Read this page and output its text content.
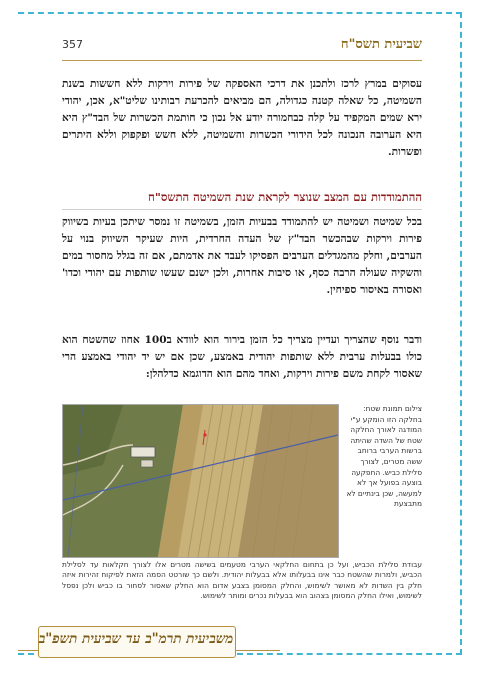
357	שביעית תשס"ח
עסוקים במרץ לרכז ולתכנן את דרכי האספקה של פירות וירקות ללא חששות בשנת השמיטה, כל שאלה קטנה כגדולה, הם מביאים להכרעת רבותינו שליט"א, אכן, יהודי ירא שמים המקפיד על קלה כבחמורה יודע אל נכון כי חותמת הכשרות של הבד"ץ היא היא הערובה הנכונה לכל הידורי הכשרות והשמיטה, ללא חשש ופקפוק וללא היתרים ופשרות.
ההתמודדות עם המצב שנוצר לקראת שנת השמיטה התשס"ח
בכל שמיטה ושמיטה יש להתמודד בבעיות הזמן, בשמיטה זו נמסר שיתכן בעיות בשיווק פירות וירקות שבהכשר הבד"ץ של העדה החרדית, היות שעיקר השיווק בנוי על הערבים, וחלק מהמגדלים הערבים הפסיקו לעבד את אדמתם, אם זה בגלל מחסור במים והשקיה שעולה הרבה כסף, או סיבות אחרות, ולכן ישנם שעשו שותפות עם יהודי וכדו' ואסורה באיסור ספיחין.
ודבר נוסף שהצריך ועדיין מצריך כל הזמן בירור הוא לוודא ב100 אחוז שהשטח הוא כולו בבעלות ערבית ללא שותפות יהודית באמצע, שכן אם יש יד יהודי באמצע הרי שאסור לקחת משם פירות וירקות, ואחד מהם הוא הדוגמא כדלהלן:
צילום תמונת שטח: בחלקה הזו הומקע ע"י המודגה לאורך החלקה שטח של השדה שהיתה ברשות הערבי ברוחב ששה מטרים, לצורך סלילת כביש. החפקעה בוצעה בפועל אך לא למעשה, שכן בינתיים לא מתבצעת
עבודת סלילת הכביש, ועל כן בתחום החלקאי הערבי מטעמים בשישה מטרים אלו לצורך חקלאות עד לסלילת הכביש, ולמרות שהשטח כבר אינו בבעלותו אלא בבעלות יהודית. ולשם כך שורטט הסמה הזאת לפיקוח זהירות איזה חלק בין השדות לא מאושר לשימוש, והחלק המסומן בצבע אדום הוא החלק שאסור לסחור בו כביש ולכן נפסל לשימוש, ואילו החלק המסומן בצהוב הוא בבעלות נכרים ומותר לשימוש.
משביעית תרמ"ב עד שביעית תשפ"ב
